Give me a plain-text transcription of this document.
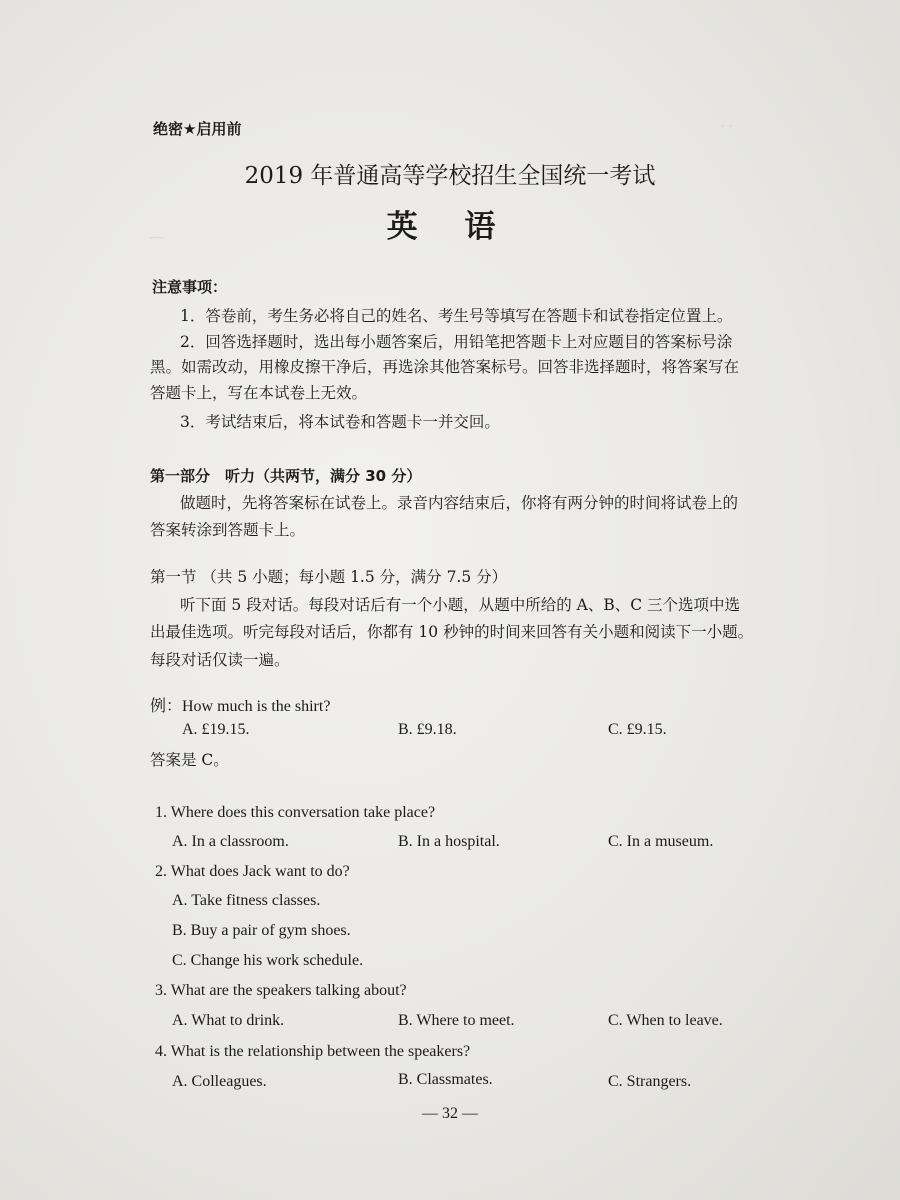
· ·
—
绝密★启用前
2019 年普通高等学校招生全国统一考试
英 语
注意事项：
1．答卷前，考生务必将自己的姓名、考生号等填写在答题卡和试卷指定位置上。
2．回答选择题时，选出每小题答案后，用铅笔把答题卡上对应题目的答案标号涂
黑。如需改动，用橡皮擦干净后，再选涂其他答案标号。回答非选择题时，将答案写在
答题卡上，写在本试卷上无效。
3．考试结束后，将本试卷和答题卡一并交回。
第一部分　听力（共两节，满分 30 分）
做题时，先将答案标在试卷上。录音内容结束后，你将有两分钟的时间将试卷上的
答案转涂到答题卡上。
第一节 （共 5 小题；每小题 1.5 分，满分 7.5 分）
听下面 5 段对话。每段对话后有一个小题，从题中所给的 A、B、C 三个选项中选
出最佳选项。听完每段对话后，你都有 10 秒钟的时间来回答有关小题和阅读下一小题。
每段对话仅读一遍。
例：How much is the shirt?
A. £19.15.	B. £9.18.	C. £9.15.
答案是 C。
1. Where does this conversation take place?
A. In a classroom.	B. In a hospital.	C. In a museum.
2. What does Jack want to do?
A. Take fitness classes.
B. Buy a pair of gym shoes.
C. Change his work schedule.
3. What are the speakers talking about?
A. What to drink.	B. Where to meet.	C. When to leave.
4. What is the relationship between the speakers?
A. Colleagues.	B. Classmates.	C. Strangers.
— 32 —
